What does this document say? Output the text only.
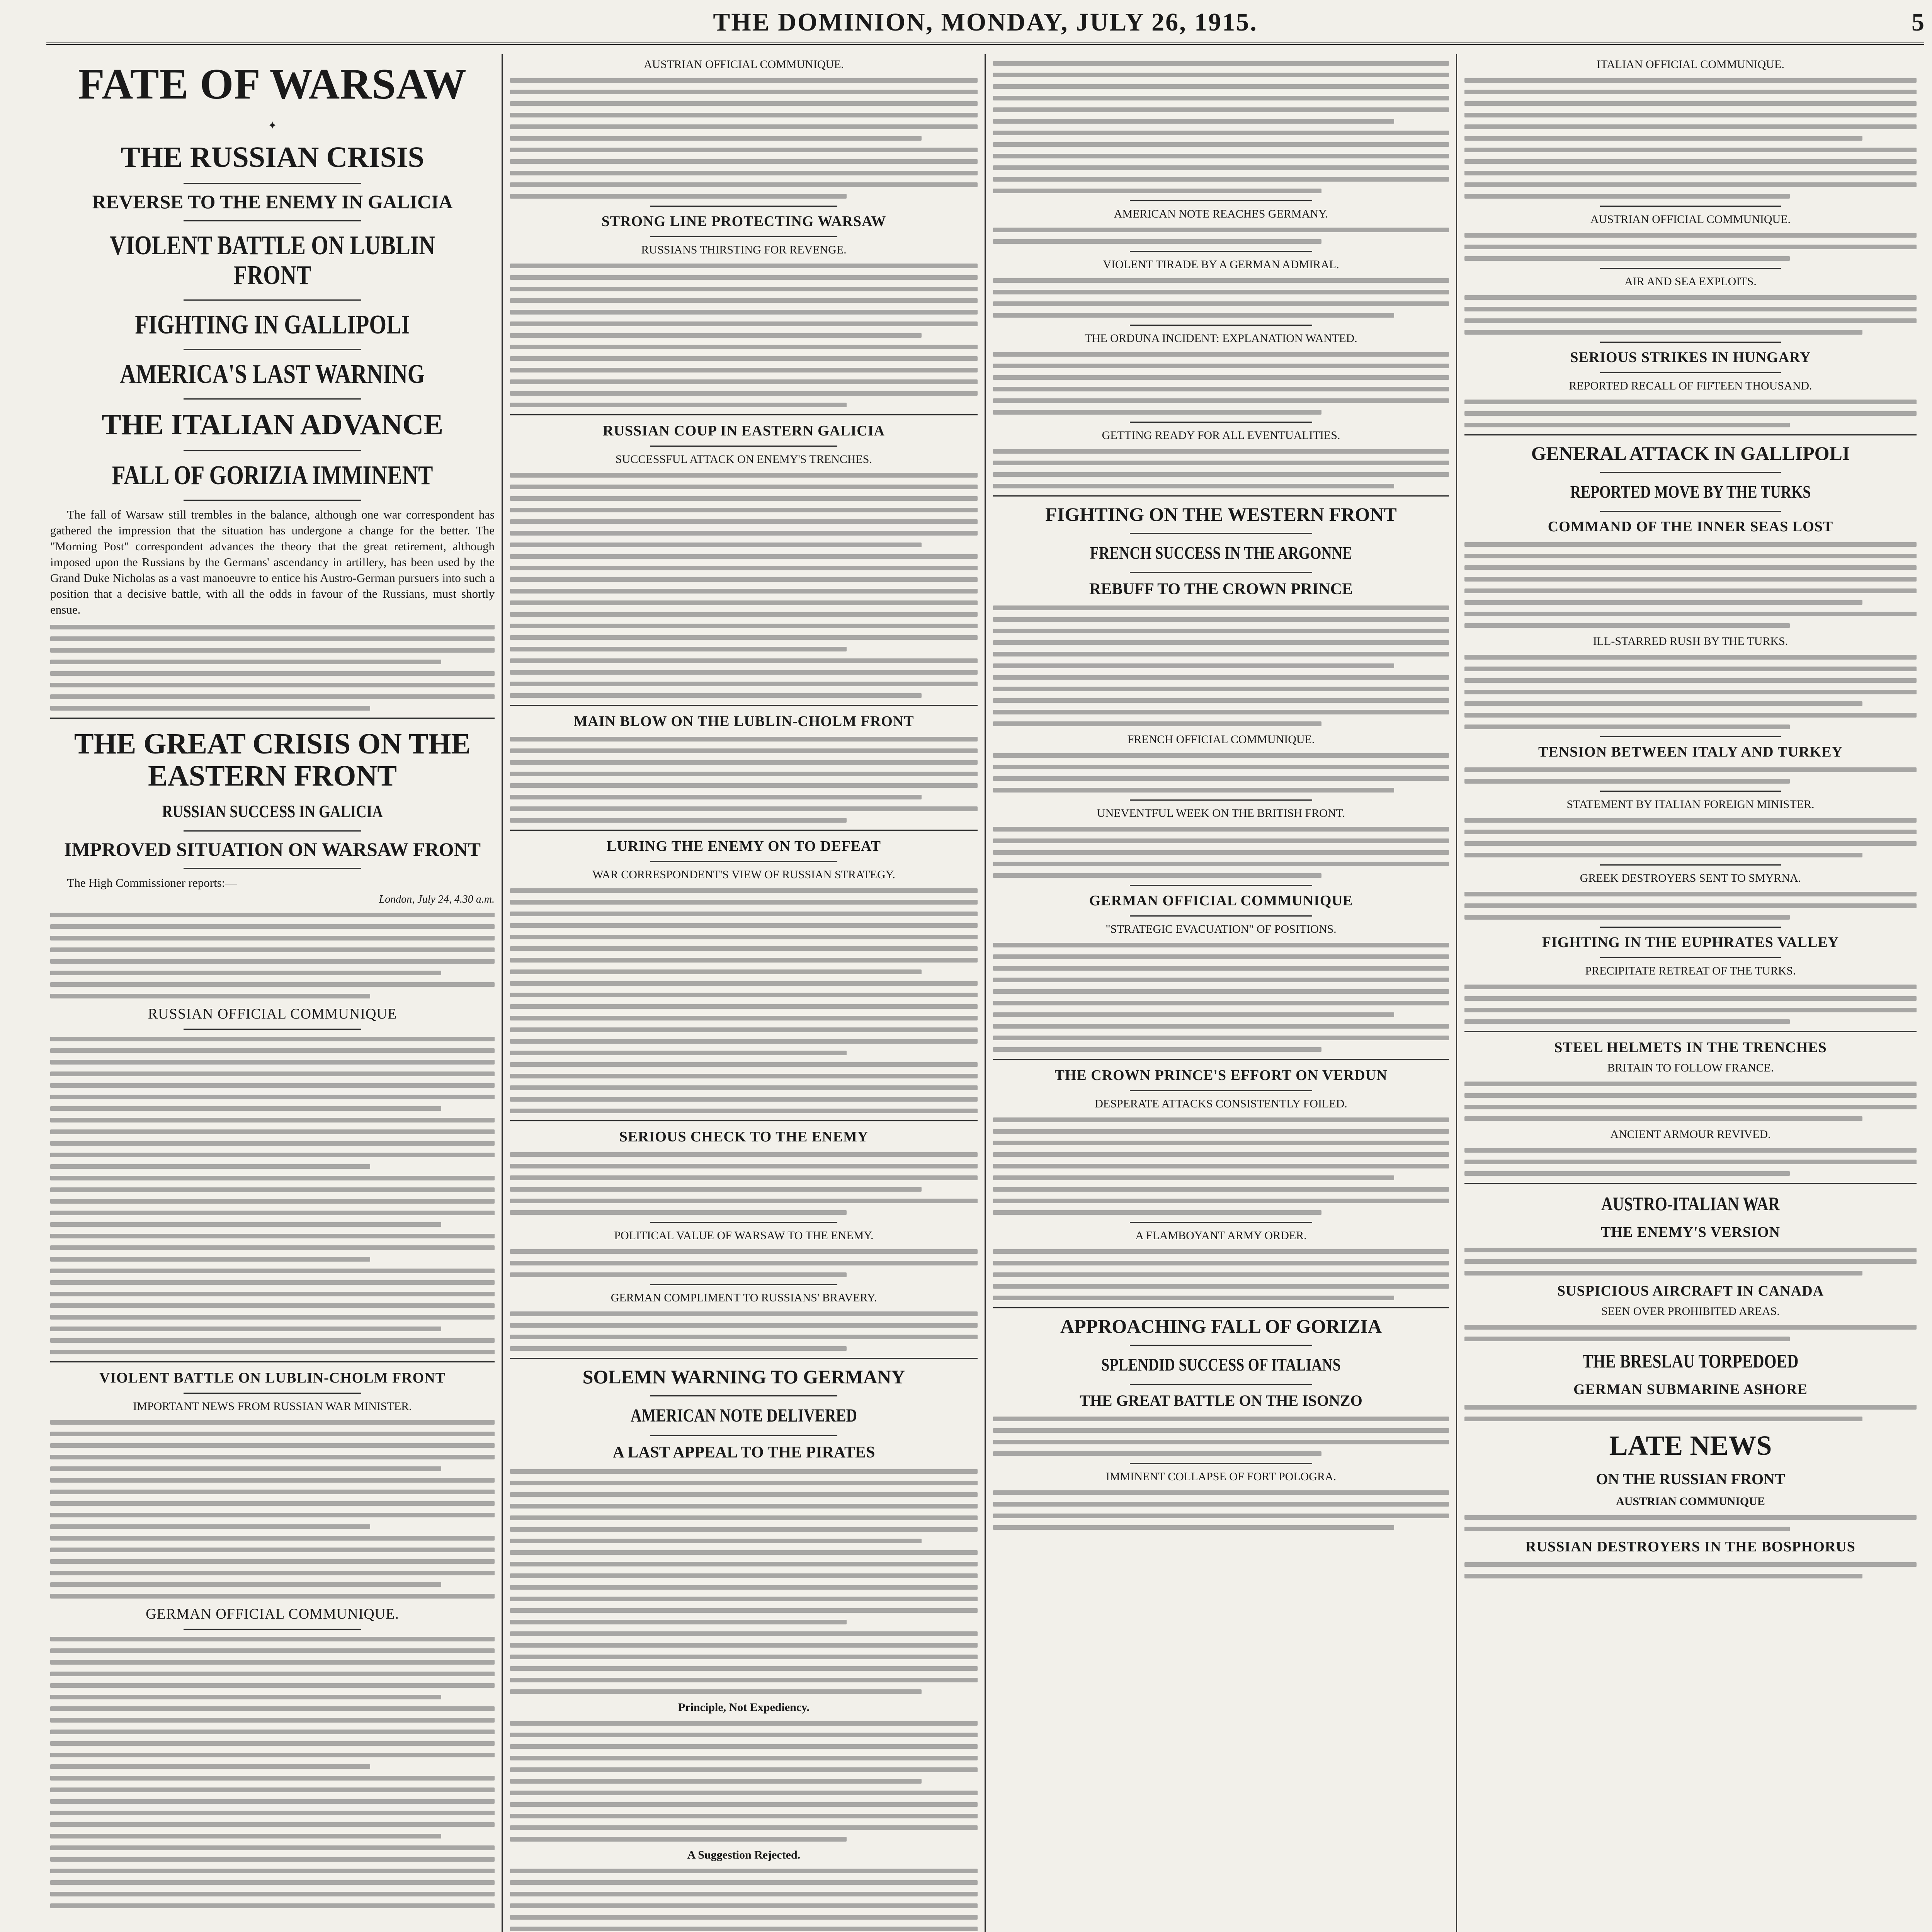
THE DOMINION, MONDAY, JULY 26, 1915.	5
FATE OF WARSAW
✦
THE RUSSIAN CRISIS
REVERSE TO THE ENEMY IN GALICIA
VIOLENT BATTLE ON LUBLIN FRONT
FIGHTING IN GALLIPOLI
AMERICA'S LAST WARNING
THE ITALIAN ADVANCE
FALL OF GORIZIA IMMINENT

The fall of Warsaw still trembles in the balance, although one war correspondent has gathered the impression that the situation has undergone a change for the better. The "Morning Post" correspondent advances the theory that the great retirement, although imposed upon the Russians by the Germans' ascendancy in artillery, has been used by the Grand Duke Nicholas as a vast manoeuvre to entice his Austro-German pursuers into such a position that a decisive battle, with all the odds in favour of the Russians, must shortly ensue.

THE GREAT CRISIS ON THE EASTERN FRONT
RUSSIAN SUCCESS IN GALICIA
IMPROVED SITUATION ON WARSAW FRONT

The High Commissioner reports:—

London, July 24, 4.30 a.m.
RUSSIAN OFFICIAL COMMUNIQUE
VIOLENT BATTLE ON LUBLIN-CHOLM FRONT
IMPORTANT NEWS FROM RUSSIAN WAR MINISTER.
GERMAN OFFICIAL COMMUNIQUE.
AUSTRIAN OFFICIAL COMMUNIQUE.
STRONG LINE PROTECTING WARSAW
RUSSIANS THIRSTING FOR REVENGE.
RUSSIAN COUP IN EASTERN GALICIA
SUCCESSFUL ATTACK ON ENEMY'S TRENCHES.
MAIN BLOW ON THE LUBLIN-CHOLM FRONT
LURING THE ENEMY ON TO DEFEAT
WAR CORRESPONDENT'S VIEW OF RUSSIAN STRATEGY.
SERIOUS CHECK TO THE ENEMY
POLITICAL VALUE OF WARSAW TO THE ENEMY.
GERMAN COMPLIMENT TO RUSSIANS' BRAVERY.
SOLEMN WARNING TO GERMANY
AMERICAN NOTE DELIVERED
A LAST APPEAL TO THE PIRATES
Principle, Not Expediency.
A Suggestion Rejected.
AMERICAN NOTE REACHES GERMANY.
VIOLENT TIRADE BY A GERMAN ADMIRAL.
THE ORDUNA INCIDENT: EXPLANATION WANTED.
GETTING READY FOR ALL EVENTUALITIES.
FIGHTING ON THE WESTERN FRONT
FRENCH SUCCESS IN THE ARGONNE
REBUFF TO THE CROWN PRINCE
FRENCH OFFICIAL COMMUNIQUE.
UNEVENTFUL WEEK ON THE BRITISH FRONT.
GERMAN OFFICIAL COMMUNIQUE
"STRATEGIC EVACUATION" OF POSITIONS.
THE CROWN PRINCE'S EFFORT ON VERDUN
DESPERATE ATTACKS CONSISTENTLY FOILED.
A FLAMBOYANT ARMY ORDER.
APPROACHING FALL OF GORIZIA
SPLENDID SUCCESS OF ITALIANS
THE GREAT BATTLE ON THE ISONZO
IMMINENT COLLAPSE OF FORT POLOGRA.
ITALIAN OFFICIAL COMMUNIQUE.
AUSTRIAN OFFICIAL COMMUNIQUE.
AIR AND SEA EXPLOITS.
SERIOUS STRIKES IN HUNGARY
REPORTED RECALL OF FIFTEEN THOUSAND.
GENERAL ATTACK IN GALLIPOLI
REPORTED MOVE BY THE TURKS
COMMAND OF THE INNER SEAS LOST
ILL-STARRED RUSH BY THE TURKS.
TENSION BETWEEN ITALY AND TURKEY
STATEMENT BY ITALIAN FOREIGN MINISTER.
GREEK DESTROYERS SENT TO SMYRNA.
FIGHTING IN THE EUPHRATES VALLEY
PRECIPITATE RETREAT OF THE TURKS.
STEEL HELMETS IN THE TRENCHES
BRITAIN TO FOLLOW FRANCE.
ANCIENT ARMOUR REVIVED.
AUSTRO-ITALIAN WAR
THE ENEMY'S VERSION
SUSPICIOUS AIRCRAFT IN CANADA
SEEN OVER PROHIBITED AREAS.
THE BRESLAU TORPEDOED
GERMAN SUBMARINE ASHORE
LATE NEWS
ON THE RUSSIAN FRONT
AUSTRIAN COMMUNIQUE
RUSSIAN DESTROYERS IN THE BOSPHORUS
